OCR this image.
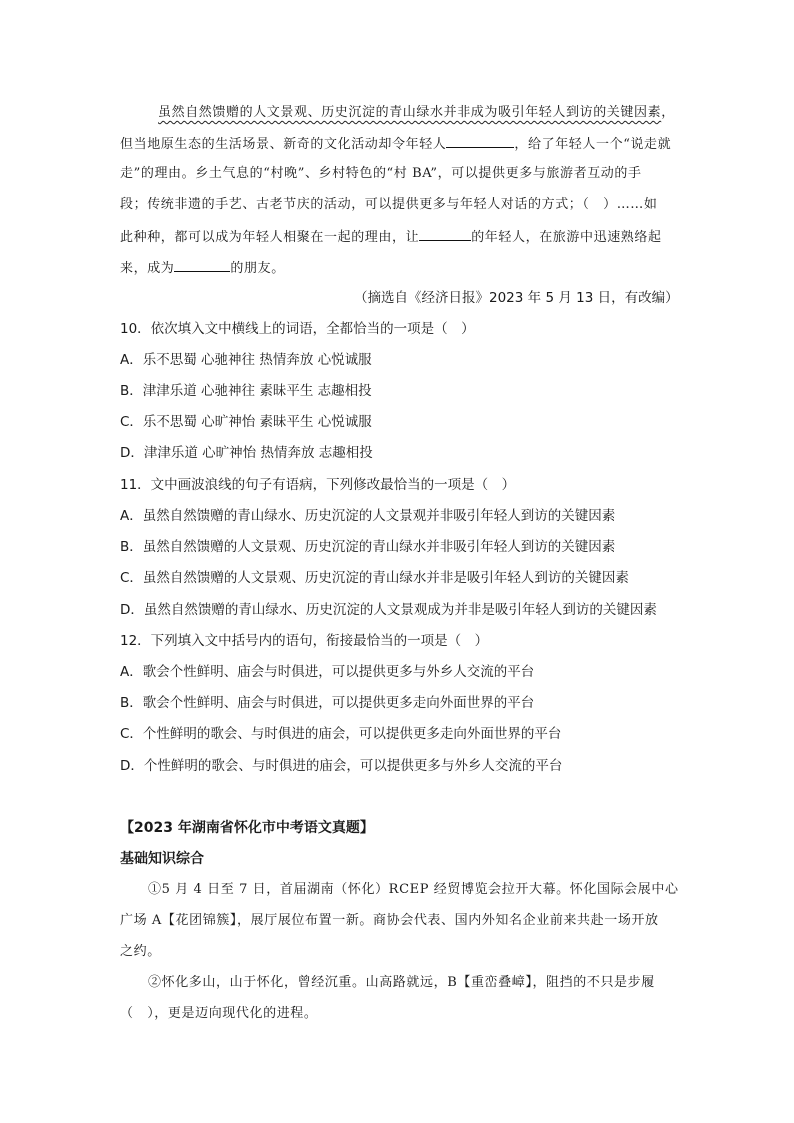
虽然自然馈赠的人文景观、历史沉淀的青山绿水并非成为吸引年轻人到访的关键因素，
但当地原生态的生活场景、新奇的文化活动却令年轻人	，给了年轻人一个“说走就
走”的理由。乡土气息的“村晚”、乡村特色的“村 BA”，可以提供更多与旅游者互动的手
段；传统非遗的手艺、古老节庆的活动，可以提供更多与年轻人对话的方式；（　）……如
此种种，都可以成为年轻人相聚在一起的理由，让	的年轻人，在旅游中迅速熟络起
来，成为	的朋友。
（摘选自《经济日报》2023 年 5 月 13 日，有改编）
10．依次填入文中横线上的词语，全都恰当的一项是（　）
A．乐不思蜀 心驰神往 热情奔放 心悦诚服
B．津津乐道 心驰神往 素昧平生 志趣相投
C．乐不思蜀 心旷神怡 素昧平生 心悦诚服
D．津津乐道 心旷神怡 热情奔放 志趣相投
11．文中画波浪线的句子有语病，下列修改最恰当的一项是（　）
A．虽然自然馈赠的青山绿水、历史沉淀的人文景观并非吸引年轻人到访的关键因素
B．虽然自然馈赠的人文景观、历史沉淀的青山绿水并非吸引年轻人到访的关键因素
C．虽然自然馈赠的人文景观、历史沉淀的青山绿水并非是吸引年轻人到访的关键因素
D．虽然自然馈赠的青山绿水、历史沉淀的人文景观成为并非是吸引年轻人到访的关键因素
12．下列填入文中括号内的语句，衔接最恰当的一项是（　）
A．歌会个性鲜明、庙会与时俱进，可以提供更多与外乡人交流的平台
B．歌会个性鲜明、庙会与时俱进，可以提供更多走向外面世界的平台
C．个性鲜明的歌会、与时俱进的庙会，可以提供更多走向外面世界的平台
D．个性鲜明的歌会、与时俱进的庙会，可以提供更多与外乡人交流的平台
【2023 年湖南省怀化市中考语文真题】
基础知识综合
①5 月 4 日至 7 日，首届湖南（怀化）RCEP 经贸博览会拉开大幕。怀化国际会展中心
广场 A【花团锦簇】，展厅展位布置一新。商协会代表、国内外知名企业前来共赴一场开放
之约。
②怀化多山，山于怀化，曾经沉重。山高路就远，B【重峦叠嶂】，阻挡的不只是步履
（　），更是迈向现代化的进程。
